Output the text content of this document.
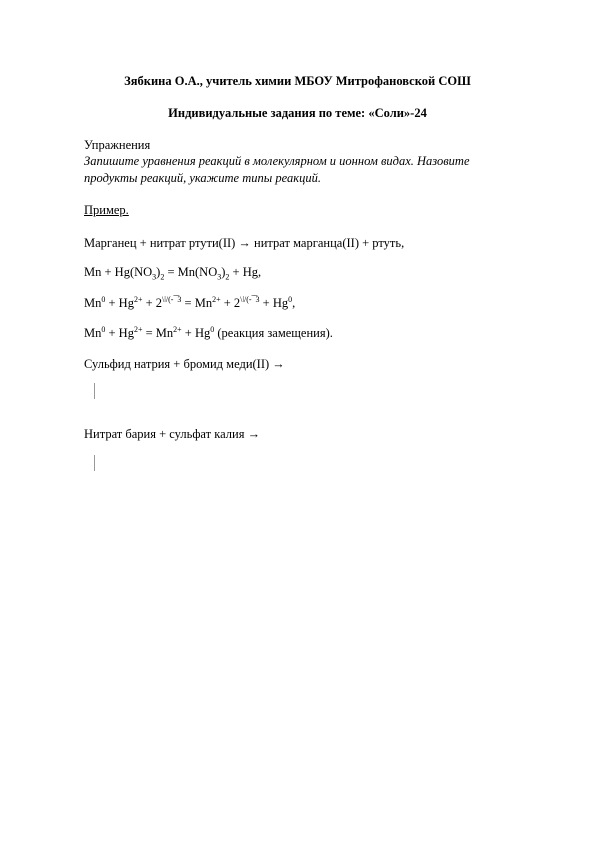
Зябкина О.А., учитель химии МБОУ Митрофановской СОШ
Индивидуальные задания по теме: «Соли»-24
Упражнения
Запишите уравнения реакций в молекулярном и ионном видах. Назовите
продукты реакций, укажите типы реакций.
Пример.
Марганец + нитрат ртути(II) → нитрат марганца(II) + ртуть,
$Mn + Hg(NO_3)_2 = Mn(NO_3)_2 + Hg$,
$Mn^0 + Hg^{2+} + 2^{\backslash ǀ/(- ̅ ̅3} = Mn^{2+} + 2^{\backslash ǀ/(- ̅ ̅3} + Hg^0$,
$Mn^0 + Hg^{2+} = Mn^{2+} + Hg^0$ (реакция замещения).
Сульфид натрия + бромид меди(II) →
Нитрат бария + сульфат калия →
